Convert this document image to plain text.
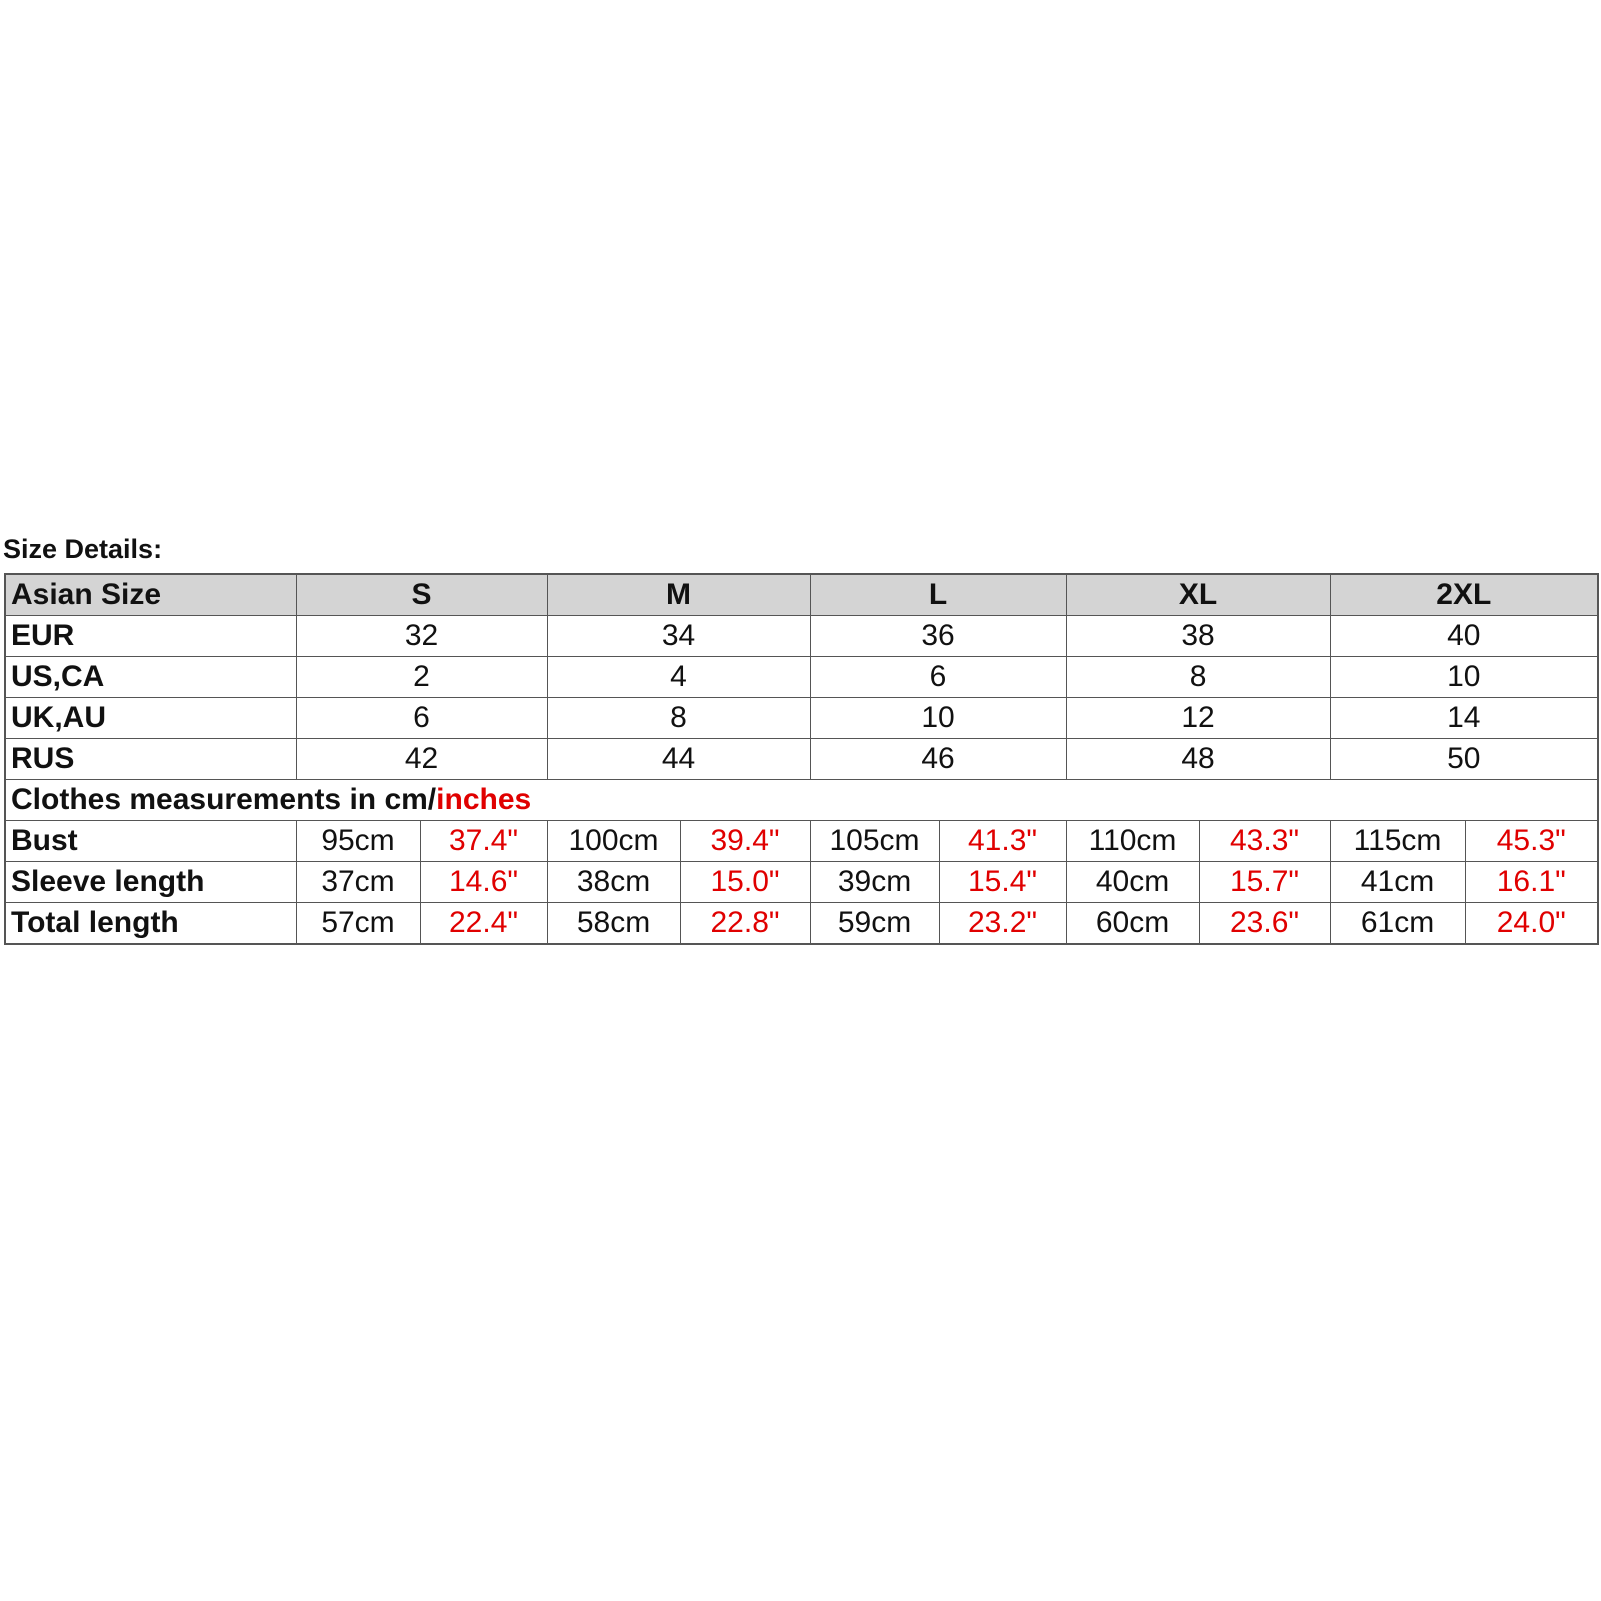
Size Details:
Asian Size	S		M		L		XL		2XL	
EUR	32		34		36		38		40	
US,CA	2		4		6		8		10	
UK,AU	6		8		10		12		14	
RUS	42		44		46		48		50	
Clothes measurements in cm/inches										
Bust	95cm	37.4"	100cm	39.4"	105cm	41.3"	110cm	43.3"	115cm	45.3"
Sleeve length	37cm	14.6"	38cm	15.0"	39cm	15.4"	40cm	15.7"	41cm	16.1"
Total length	57cm	22.4"	58cm	22.8"	59cm	23.2"	60cm	23.6"	61cm	24.0"
